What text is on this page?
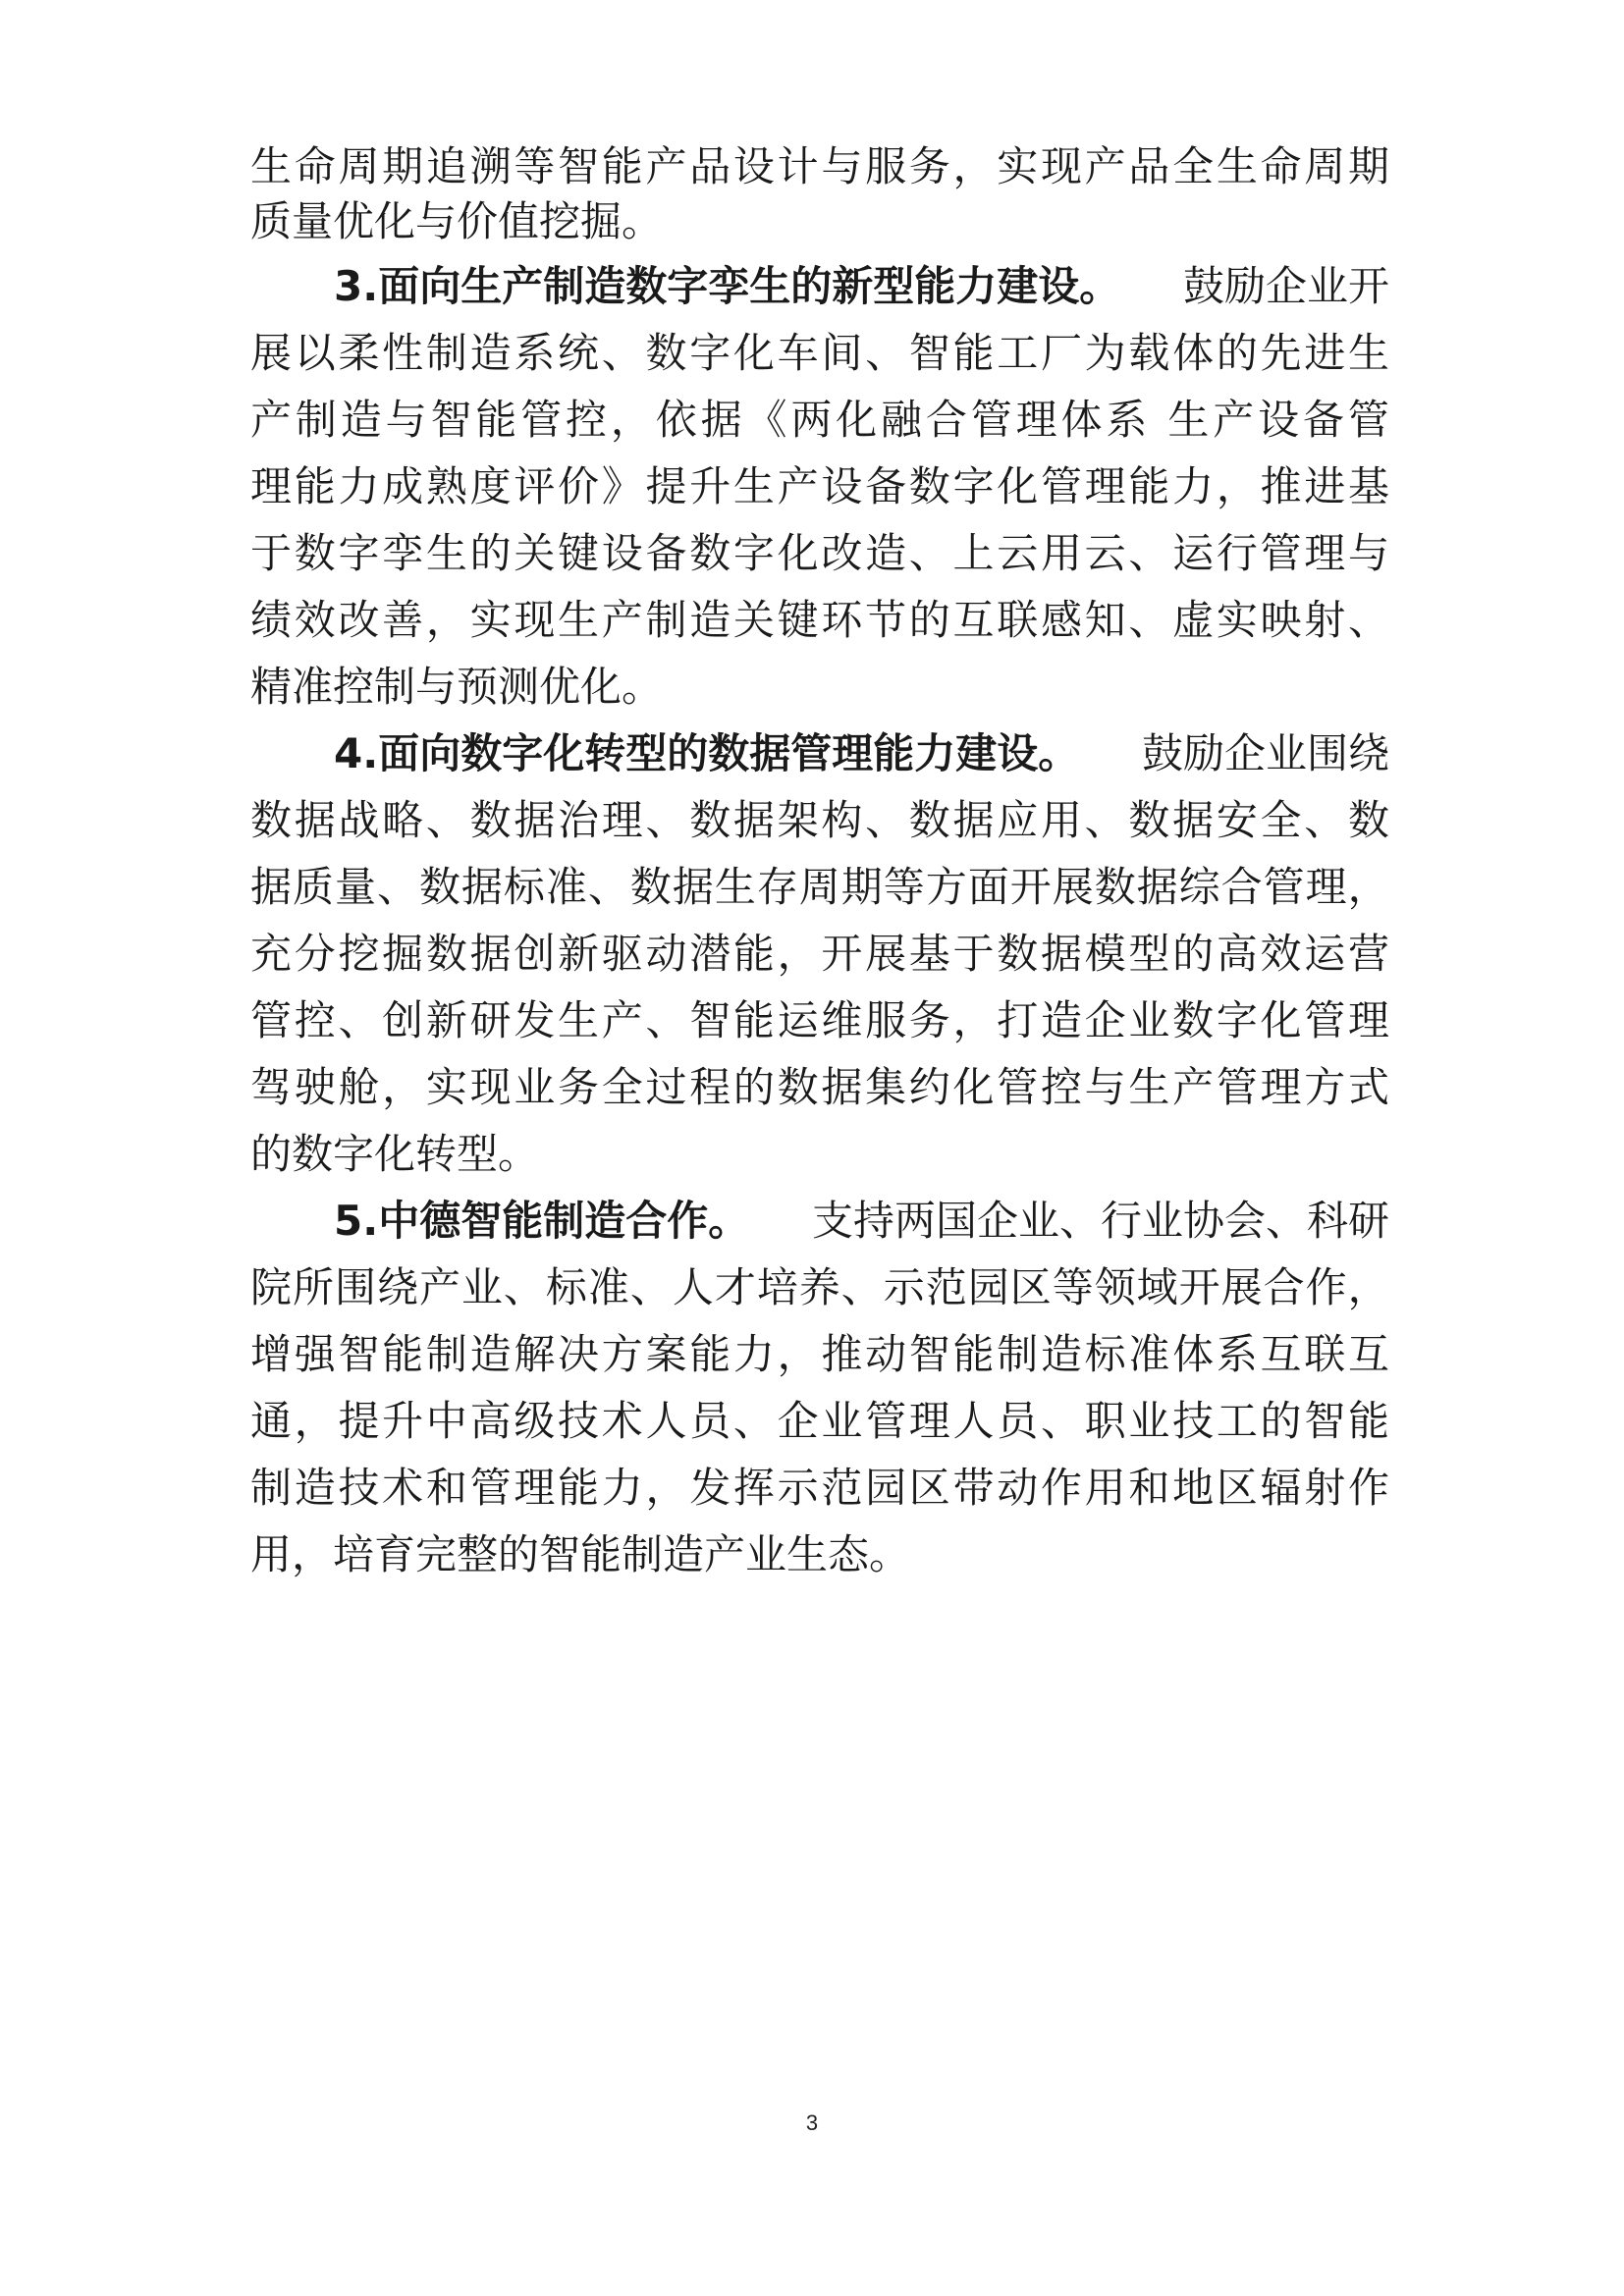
生 命 周 期 追 溯 等 智 能 产 品 设 计 与 服 务 ， 实 现 产 品 全 生 命 周 期
质量优化与价值挖掘。
3.面向生产制造数字孪生的新型能力建设。 鼓励企业开
展 以 柔 性 制 造 系 统 、 数 字 化 车 间 、 智 能 工 厂 为 载 体 的 先 进 生
产 制 造 与 智 能 管 控 ， 依 据 《 两 化 融 合 管 理 体 系
生 产 设 备 管
理 能 力 成 熟 度 评 价 》 提 升 生 产 设 备 数 字 化 管 理 能 力 ， 推 进 基
于 数 字 孪 生 的 关 键 设 备 数 字 化 改 造 、 上 云 用 云 、 运 行 管 理 与
绩 效 改 善 ， 实 现 生 产 制 造 关 键 环 节 的 互 联 感 知 、 虚 实 映 射 、
精准控制与预测优化。
4.面向数字化转型的数据管理能力建设。 鼓励企业围绕
数 据 战 略 、 数 据 治 理 、 数 据 架 构 、 数 据 应 用 、 数 据 安 全 、 数
据 质 量 、 数 据 标 准 、 数 据 生 存 周 期 等 方 面 开 展 数 据 综 合 管 理 ，
充 分 挖 掘 数 据 创 新 驱 动 潜 能 ， 开 展 基 于 数 据 模 型 的 高 效 运 营
管 控 、 创 新 研 发 生 产 、 智 能 运 维 服 务 ， 打 造 企 业 数 字 化 管 理
驾 驶 舱 ， 实 现 业 务 全 过 程 的 数 据 集 约 化 管 控 与 生 产 管 理 方 式
的数字化转型。
5.中德智能制造合作。 支持两国企业、行业协会、科研
院 所 围 绕 产 业 、 标 准 、 人 才 培 养 、 示 范 园 区 等 领 域 开 展 合 作 ，
增 强 智 能 制 造 解 决 方 案 能 力 ， 推 动 智 能 制 造 标 准 体 系 互 联 互
通 ， 提 升 中 高 级 技 术 人 员 、 企 业 管 理 人 员 、 职 业 技 工 的 智 能
制 造 技 术 和 管 理 能 力 ， 发 挥 示 范 园 区 带 动 作 用 和 地 区 辐 射 作
用，培育完整的智能制造产业生态。
3
